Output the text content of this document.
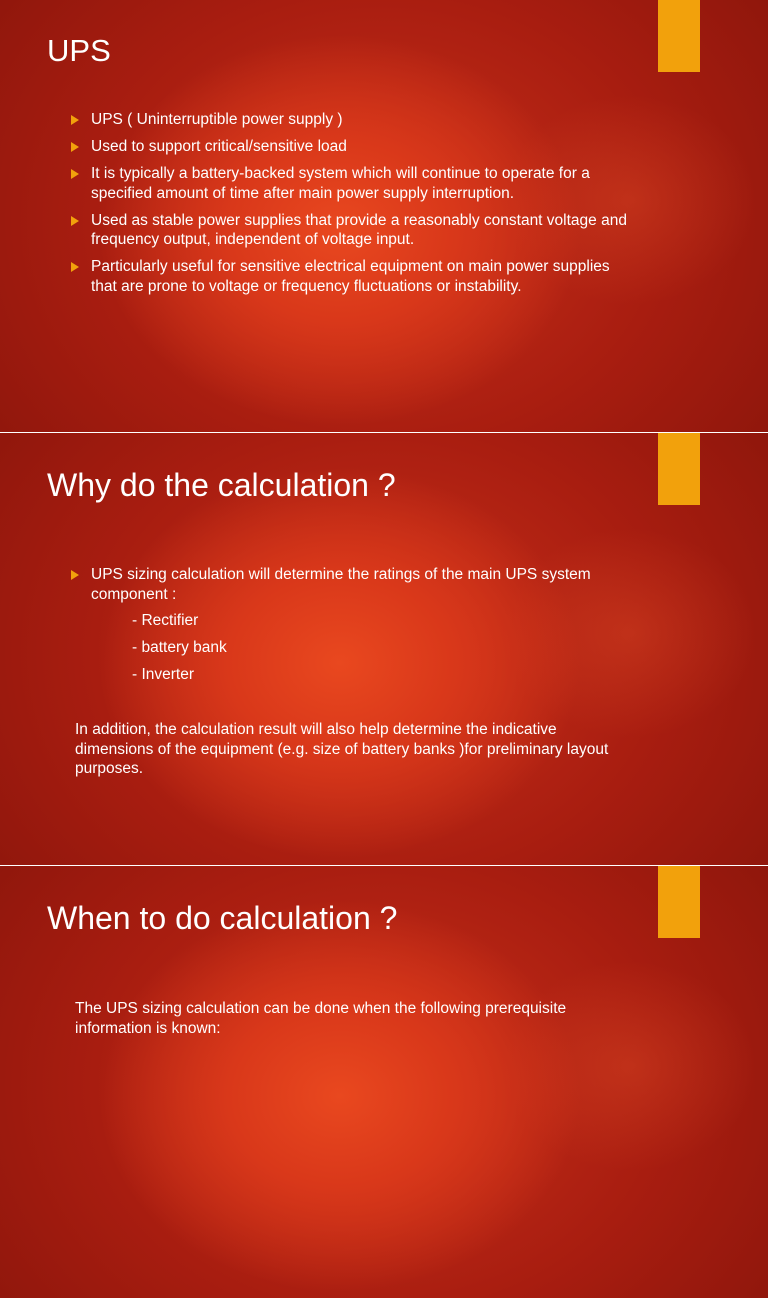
UPS
UPS ( Uninterruptible power supply )
Used to support critical/sensitive load
It is typically a battery-backed system which will continue to operate for a specified amount of time after main power supply interruption.
Used as stable power supplies that provide a reasonably constant voltage and frequency output, independent of voltage input.
Particularly useful for sensitive electrical equipment on main power supplies that are prone to voltage or frequency fluctuations or instability.
Why do the calculation ?
UPS sizing calculation will determine the ratings of the main UPS system component :
- Rectifier
- battery bank
- Inverter

In addition, the calculation result will also help determine the indicative dimensions of the equipment (e.g. size of battery banks )for preliminary layout purposes.

When to do calculation ?

The UPS sizing calculation can be done when the following prerequisite information is known:
